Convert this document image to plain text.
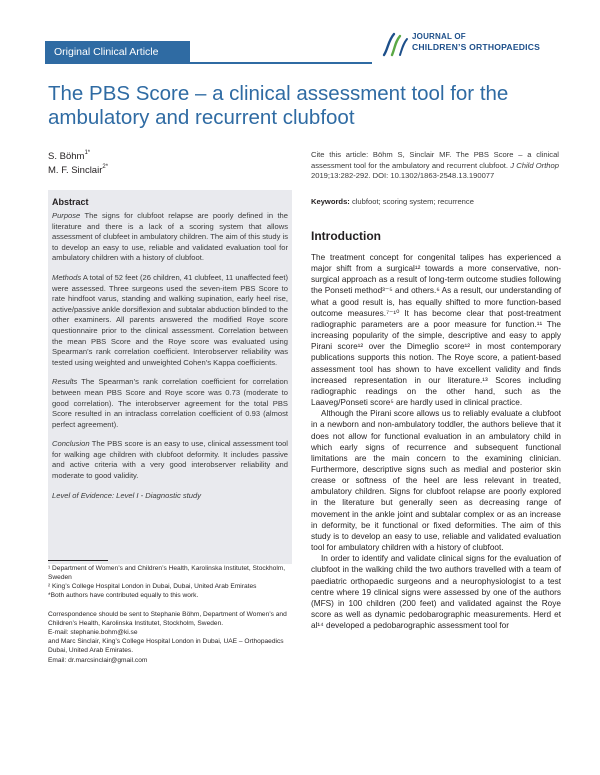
Original Clinical Article
JOURNAL OF
CHILDREN’S ORTHOPAEDICS
The PBS Score – a clinical assessment tool for the ambulatory and recurrent clubfoot
S. Böhm$^{1*}$
M. F. Sinclair$^{2*}$

Abstract

Purpose The signs for clubfoot relapse are poorly defined in the literature and there is a lack of a scoring system that allows assessment of clubfeet in ambulatory children. The aim of this study is to develop an easy to use, reliable and validated evaluation tool for ambulatory children with a history of clubfoot.

Methods A total of 52 feet (26 children, 41 clubfeet, 11 unaffected feet) were assessed. Three surgeons used the seven-item PBS Score to rate hindfoot varus, standing and walking supination, early heel rise, active/passive ankle dorsiflexion and subtalar abduction blinded to the other examiners. All parents answered the modified Roye score questionnaire prior to the clinical assessment. Correlation between the mean PBS Score and the Roye score was evaluated using Spearman’s rank correlation coefficient. Interobserver reliability was tested using weighted and unweighted Cohen’s Kappa coefficients.

Results The Spearman’s rank correlation coefficient for correlation between mean PBS Score and Roye score was 0.73 (moderate to good correlation). The interobserver agreement for the total PBS Score resulted in an intraclass correlation coefficient of 0.93 (almost perfect agreement).

Conclusion The PBS score is an easy to use, clinical assessment tool for walking age children with clubfoot deformity. It includes passive and active criteria with a very good interobserver reliability and moderate to good validity.

Level of Evidence: Level I - Diagnostic study

¹ Department of Women’s and Children’s Health, Karolinska Institutet, Stockholm, Sweden

² King’s College Hospital London in Dubai, Dubai, United Arab Emirates

*Both authors have contributed equally to this work.

Correspondence should be sent to Stephanie Böhm, Department of Women’s and Children’s Health, Karolinska Institutet, Stockholm, Sweden.

E-mail: stephanie.bohm@ki.se

and Marc Sinclair, King’s College Hospital London in Dubai, UAE – Orthopaedics Dubai, United Arab Emirates.

Email: dr.marcsinclair@gmail.com

Cite this article: Böhm S, Sinclair MF. The PBS Score – a clinical assessment tool for the ambulatory and recurrent clubfoot. J Child Orthop 2019;13:282-292. DOI: 10.1302/1863-2548.13.190077
Keywords: clubfoot; scoring system; recurrence
Introduction

The treatment concept for congenital talipes has experienced a major shift from a surgical¹² towards a more conservative, non-surgical approach as a result of long-term outcome studies following the Ponseti method³⁻⁵ and others.⁶ As a result, our understanding of what a good result is, has equally shifted to more function-based outcome measures.⁷⁻¹⁰ It has become clear that post-treatment radiographic parameters are a poor measure for function.¹¹ The increasing popularity of the simple, descriptive and easy to apply Pirani score¹² over the Dimeglio score¹² in most contemporary publications supports this notion. The Roye score, a patient-based assessment tool has shown to have excellent validity and finds increased representation in our literature.¹³ Scores including radiographic readings on the other hand, such as the Laaveg/Ponseti score⁵ are hardly used in clinical practice.

Although the Pirani score allows us to reliably evaluate a clubfoot in a newborn and non-ambulatory toddler, the authors believe that it does not allow for functional evaluation in an ambulatory child in which early signs of recurrence and subsequent functional limitations are the main concern to the examining clinician. Furthermore, descriptive signs such as medial and posterior skin crease or softness of the heel are less relevant in treated, ambulatory children. Signs for clubfoot relapse are poorly explored in the literature but generally seen as decreasing range of movement in the ankle joint and subtalar complex or as an increase in deformity, be it functional or fixed deformities. The aim of this study is to develop an easy to use, reliable and validated evaluation tool for ambulatory children with a history of clubfoot.

In order to identify and validate clinical signs for the evaluation of clubfoot in the walking child the two authors travelled with a team of paediatric orthopaedic surgeons and a neurophysiologist to a test centre where 19 clinical signs were assessed by one of the authors (MFS) in 100 children (200 feet) and validated against the Roye score as well as dynamic pedobarographic measurements. Herd et al¹⁴ developed a pedobarographic assessment tool for
